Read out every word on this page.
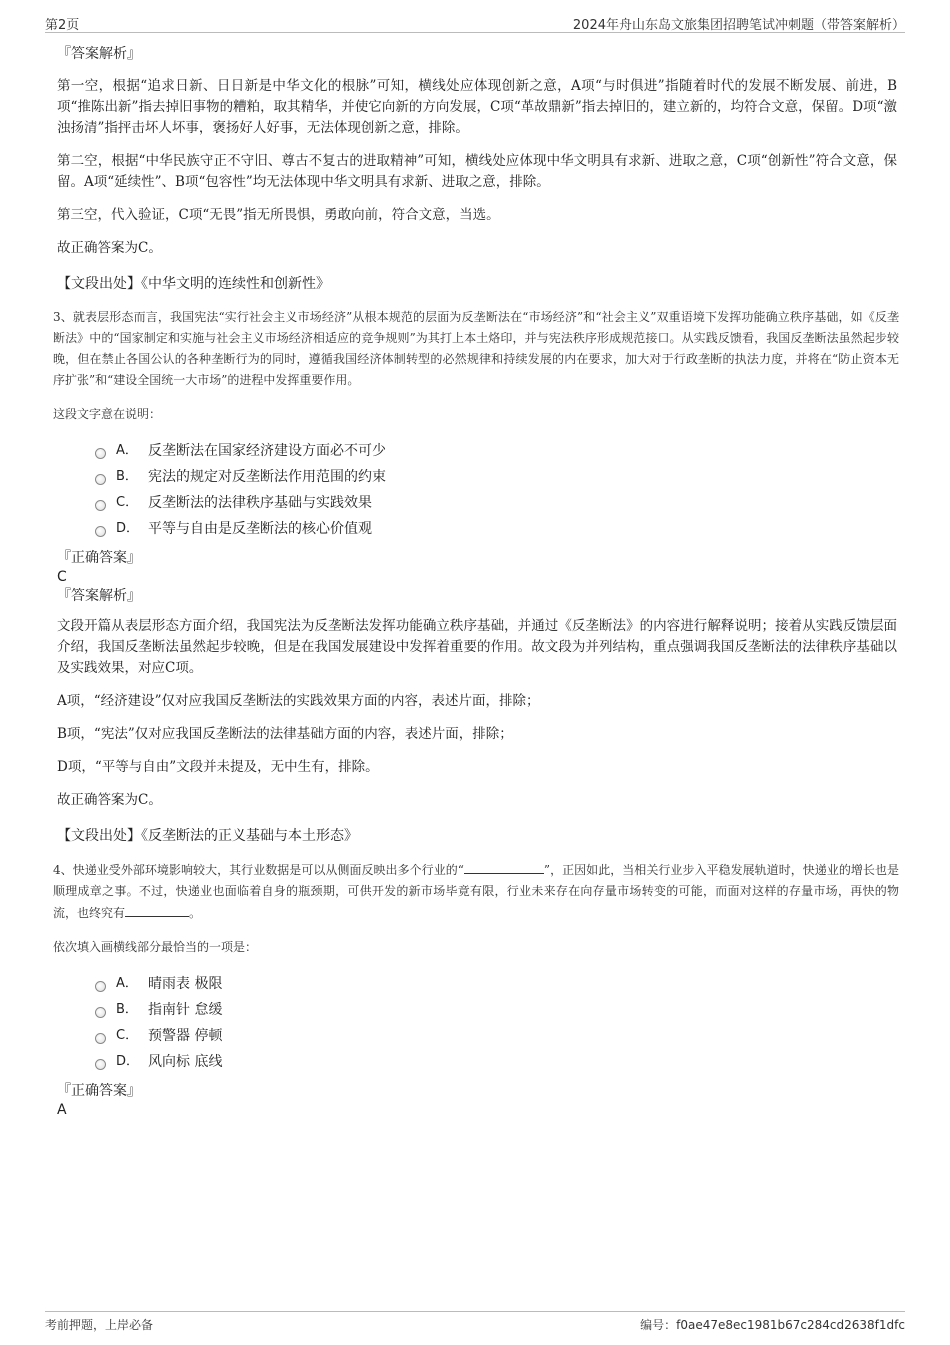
第2页	2024年舟山东岛文旅集团招聘笔试冲刺题（带答案解析）
『答案解析』

第一空，根据“追求日新、日日新是中华文化的根脉”可知，横线处应体现创新之意，A项“与时俱进”指随着时代的发展不断发展、前进，B项“推陈出新”指去掉旧事物的糟粕，取其精华，并使它向新的方向发展，C项“革故鼎新”指去掉旧的，建立新的，均符合文意，保留。D项“激浊扬清”指抨击坏人坏事，褒扬好人好事，无法体现创新之意，排除。

第二空，根据“中华民族守正不守旧、尊古不复古的进取精神”可知，横线处应体现中华文明具有求新、进取之意，C项“创新性”符合文意，保留。A项“延续性”、B项“包容性”均无法体现中华文明具有求新、进取之意，排除。

第三空，代入验证，C项“无畏”指无所畏惧，勇敢向前，符合文意，当选。

故正确答案为C。

【文段出处】《中华文明的连续性和创新性》

3、就表层形态而言，我国宪法“实行社会主义市场经济”从根本规范的层面为反垄断法在“市场经济”和“社会主义”双重语境下发挥功能确立秩序基础，如《反垄断法》中的“国家制定和实施与社会主义市场经济相适应的竞争规则”为其打上本土烙印，并与宪法秩序形成规范接口。从实践反馈看，我国反垄断法虽然起步较晚，但在禁止各国公认的各种垄断行为的同时，遵循我国经济体制转型的必然规律和持续发展的内在要求，加大对于行政垄断的执法力度，并将在“防止资本无序扩张”和“建设全国统一大市场”的进程中发挥重要作用。

这段文字意在说明：
A． 反垄断法在国家经济建设方面必不可少
B． 宪法的规定对反垄断法作用范围的约束
C． 反垄断法的法律秩序基础与实践效果
D． 平等与自由是反垄断法的核心价值观
『正确答案』
C
『答案解析』

文段开篇从表层形态方面介绍，我国宪法为反垄断法发挥功能确立秩序基础，并通过《反垄断法》的内容进行解释说明；接着从实践反馈层面介绍，我国反垄断法虽然起步较晚，但是在我国发展建设中发挥着重要的作用。故文段为并列结构，重点强调我国反垄断法的法律秩序基础以及实践效果，对应C项。

A项，“经济建设”仅对应我国反垄断法的实践效果方面的内容，表述片面，排除；

B项，“宪法”仅对应我国反垄断法的法律基础方面的内容，表述片面，排除；

D项，“平等与自由”文段并未提及，无中生有，排除。

故正确答案为C。

【文段出处】《反垄断法的正义基础与本土形态》

4、快递业受外部环境影响较大，其行业数据是可以从侧面反映出多个行业的“	”，正因如此，当相关行业步入平稳发展轨道时，快递业的增长也是顺理成章之事。不过，快递业也面临着自身的瓶颈期，可供开发的新市场毕竟有限，行业未来存在向存量市场转变的可能，而面对这样的存量市场，再快的物流，也终究有	。

依次填入画横线部分最恰当的一项是：
A． 晴雨表 极限
B． 指南针 怠缓
C． 预警器 停顿
D． 风向标 底线
『正确答案』
A
考前押题，上岸必备	编号：f0ae47e8ec1981b67c284cd2638f1dfc
